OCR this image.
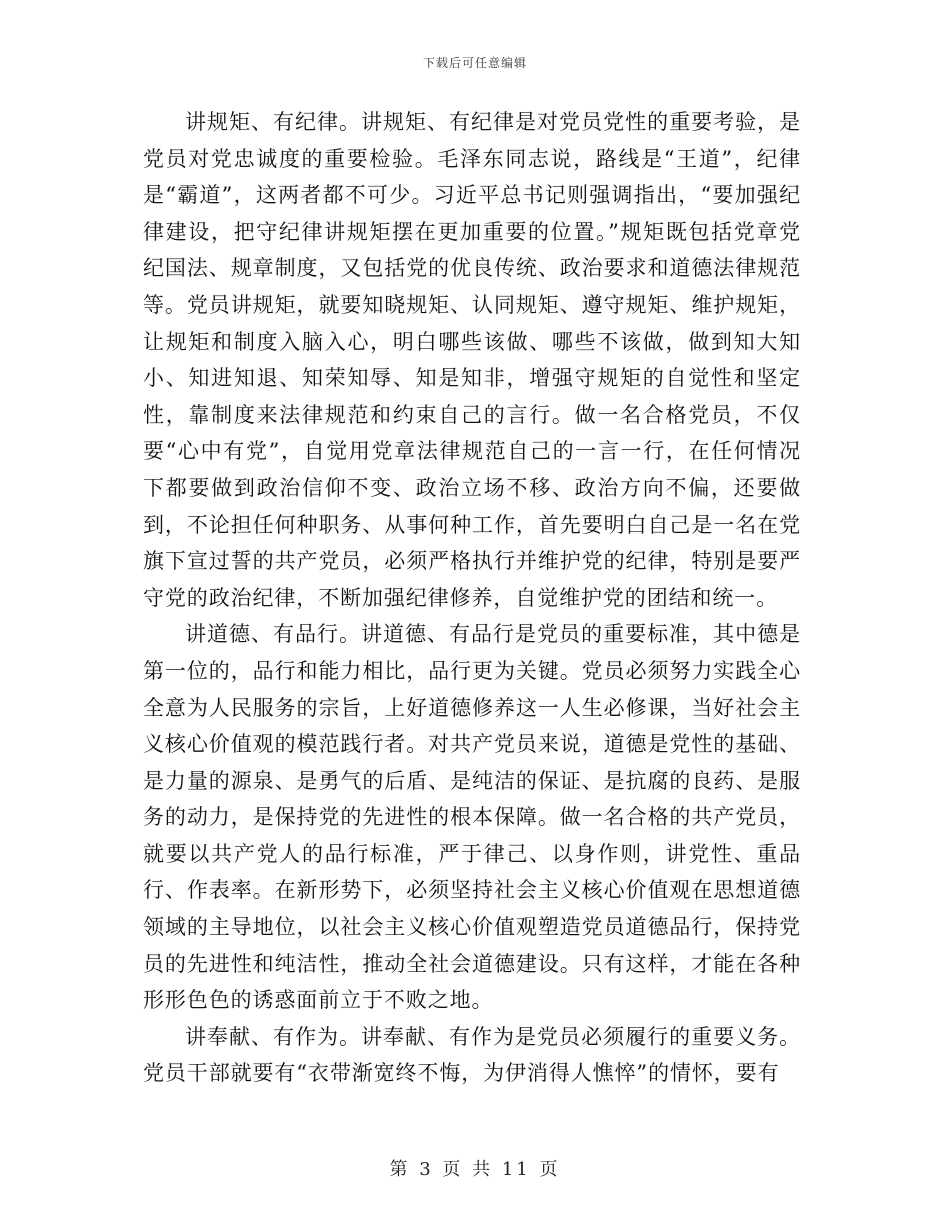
下载后可任意编辑

讲规矩、有纪律。讲规矩、有纪律是对党员党性的重要考验，是党员对党忠诚度的重要检验。毛泽东同志说，路线是“王道”，纪律是“霸道”，这两者都不可少。习近平总书记则强调指出，“要加强纪律建设，把守纪律讲规矩摆在更加重要的位置。”规矩既包括党章党纪国法、规章制度，又包括党的优良传统、政治要求和道德法律规范等。党员讲规矩，就要知晓规矩、认同规矩、遵守规矩、维护规矩，让规矩和制度入脑入心，明白哪些该做、哪些不该做，做到知大知小、知进知退、知荣知辱、知是知非，增强守规矩的自觉性和坚定性，靠制度来法律规范和约束自己的言行。做一名合格党员，不仅要“心中有党”，自觉用党章法律规范自己的一言一行，在任何情况下都要做到政治信仰不变、政治立场不移、政治方向不偏，还要做到，不论担任何种职务、从事何种工作，首先要明白自己是一名在党旗下宣过誓的共产党员，必须严格执行并维护党的纪律，特别是要严守党的政治纪律，不断加强纪律修养，自觉维护党的团结和统一。

讲道德、有品行。讲道德、有品行是党员的重要标准，其中德是第一位的，品行和能力相比，品行更为关键。党员必须努力实践全心全意为人民服务的宗旨，上好道德修养这一人生必修课，当好社会主义核心价值观的模范践行者。对共产党员来说，道德是党性的基础、是力量的源泉、是勇气的后盾、是纯洁的保证、是抗腐的良药、是服务的动力，是保持党的先进性的根本保障。做一名合格的共产党员，就要以共产党人的品行标准，严于律己、以身作则，讲党性、重品行、作表率。在新形势下，必须坚持社会主义核心价值观在思想道德领域的主导地位，以社会主义核心价值观塑造党员道德品行，保持党员的先进性和纯洁性，推动全社会道德建设。只有这样，才能在各种形形色色的诱惑面前立于不败之地。

讲奉献、有作为。讲奉献、有作为是党员必须履行的重要义务。党员干部就要有“衣带渐宽终不悔，为伊消得人憔悴”的情怀，要有

第 3 页 共 11 页
